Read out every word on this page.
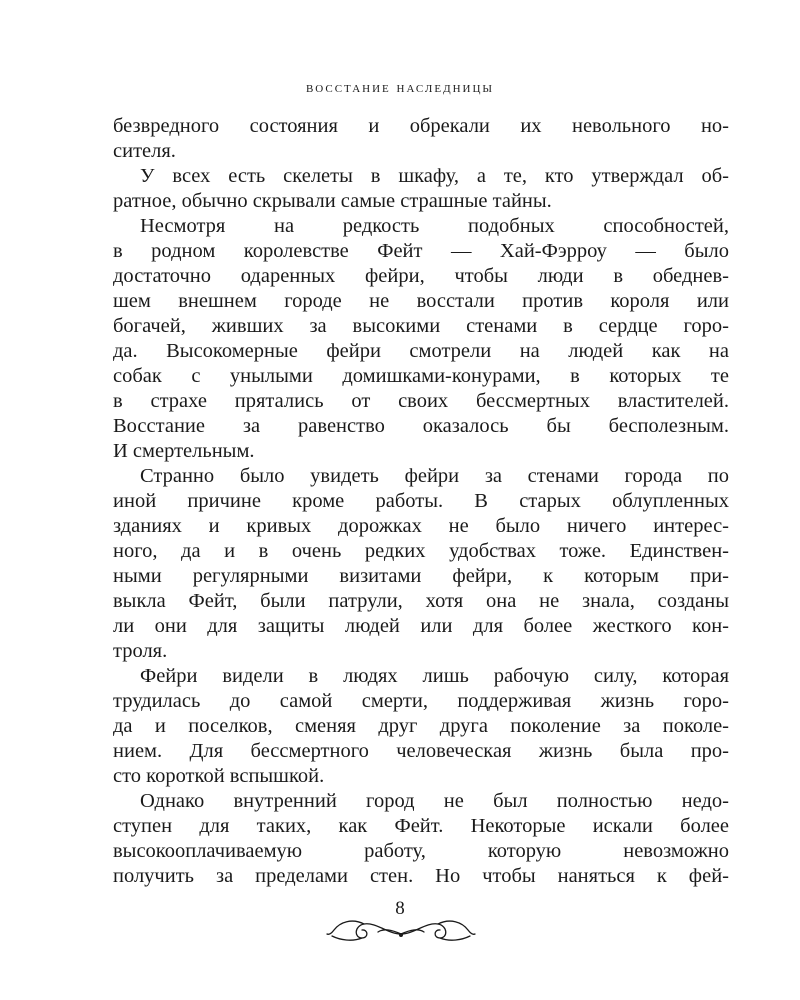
восстание наследницы

безвредного состояния и обрекали их невольного но-

сителя.

У всех есть скелеты в шкафу, а те, кто утверждал об-

ратное, обычно скрывали самые страшные тайны.

Несмотря на редкость подобных способностей,

в родном королевстве Фейт — Хай-Фэрроу — было

достаточно одаренных фейри, чтобы люди в обеднев-

шем внешнем городе не восстали против короля или

богачей, живших за высокими стенами в сердце горо-

да. Высокомерные фейри смотрели на людей как на

собак с унылыми домишками-конурами, в которых те

в страхе прятались от своих бессмертных властителей.

Восстание за равенство оказалось бы бесполезным.

И смертельным.

Странно было увидеть фейри за стенами города по

иной причине кроме работы. В старых облупленных

зданиях и кривых дорожках не было ничего интерес-

ного, да и в очень редких удобствах тоже. Единствен-

ными регулярными визитами фейри, к которым при-

выкла Фейт, были патрули, хотя она не знала, созданы

ли они для защиты людей или для более жесткого кон-

троля.

Фейри видели в людях лишь рабочую силу, которая

трудилась до самой смерти, поддерживая жизнь горо-

да и поселков, сменяя друг друга поколение за поколе-

нием. Для бессмертного человеческая жизнь была про-

сто короткой вспышкой.

Однако внутренний город не был полностью недо-

ступен для таких, как Фейт. Некоторые искали более

высокооплачиваемую работу, которую невозможно

получить за пределами стен. Но чтобы наняться к фей-

8
